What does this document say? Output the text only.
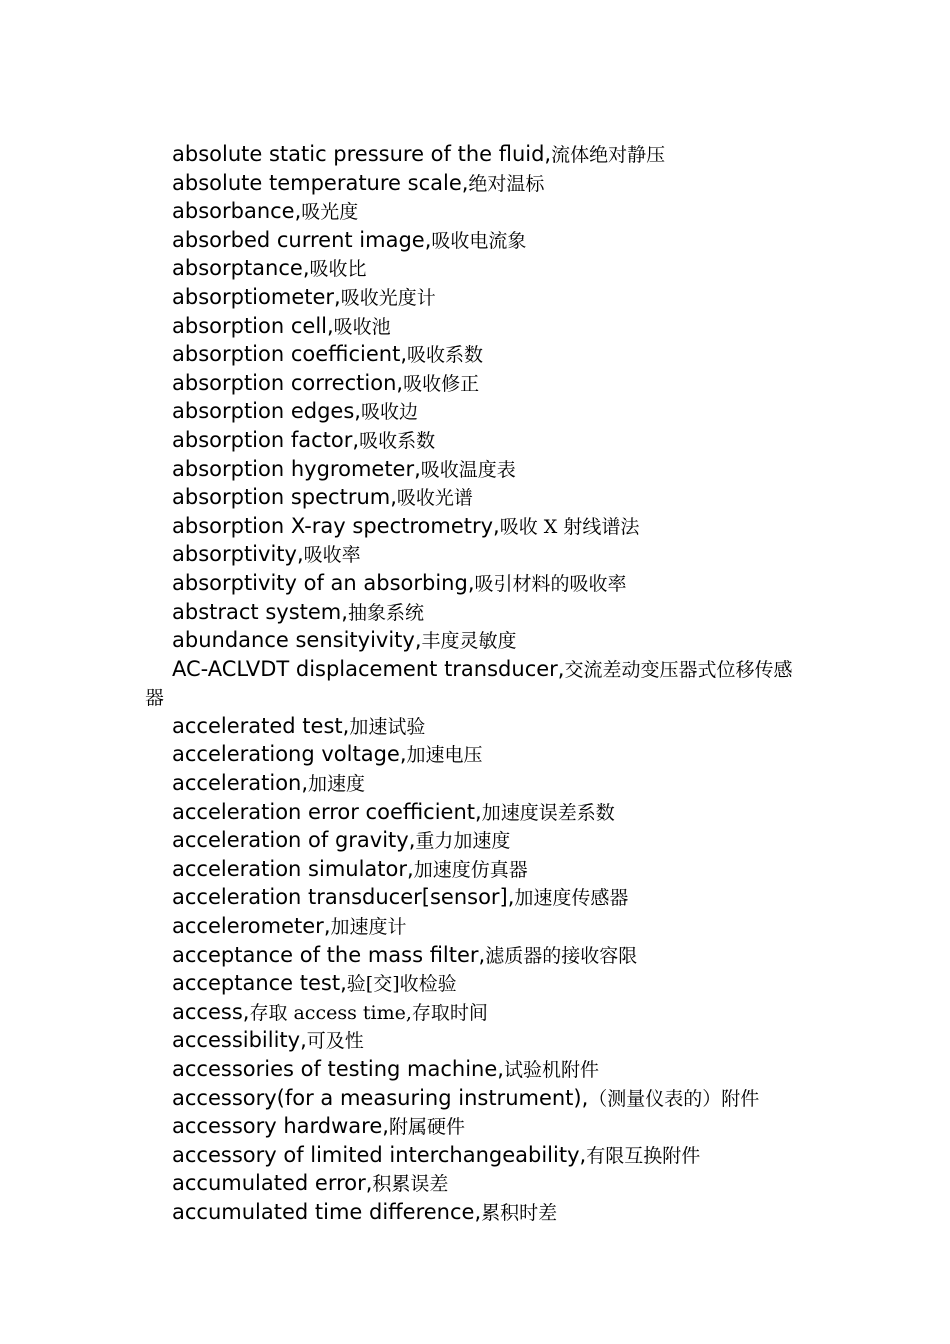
absolute static pressure of the fluid,流体绝对静压

absolute temperature scale,绝对温标

absorbance,吸光度

absorbed current image,吸收电流象

absorptance,吸收比

absorptiometer,吸收光度计

absorption cell,吸收池

absorption coefficient,吸收系数

absorption correction,吸收修正

absorption edges,吸收边

absorption factor,吸收系数

absorption hygrometer,吸收温度表

absorption spectrum,吸收光谱

absorption X-ray spectrometry,吸收 X 射线谱法

absorptivity,吸收率

absorptivity of an absorbing,吸引材料的吸收率

abstract system,抽象系统

abundance sensityivity,丰度灵敏度

AC-ACLVDT displacement transducer,交流差动变压器式位移传感器

accelerated test,加速试验

accelerationg voltage,加速电压

acceleration,加速度

acceleration error coefficient,加速度误差系数

acceleration of gravity,重力加速度

acceleration simulator,加速度仿真器

acceleration transducer[sensor],加速度传感器

accelerometer,加速度计

acceptance of the mass filter,滤质器的接收容限

acceptance test,验[交]收检验

access,存取 access time,存取时间

accessibility,可及性

accessories of testing machine,试验机附件

accessory(for a measuring instrument),（测量仪表的）附件

accessory hardware,附属硬件

accessory of limited interchangeability,有限互换附件

accumulated error,积累误差

accumulated time difference,累积时差
